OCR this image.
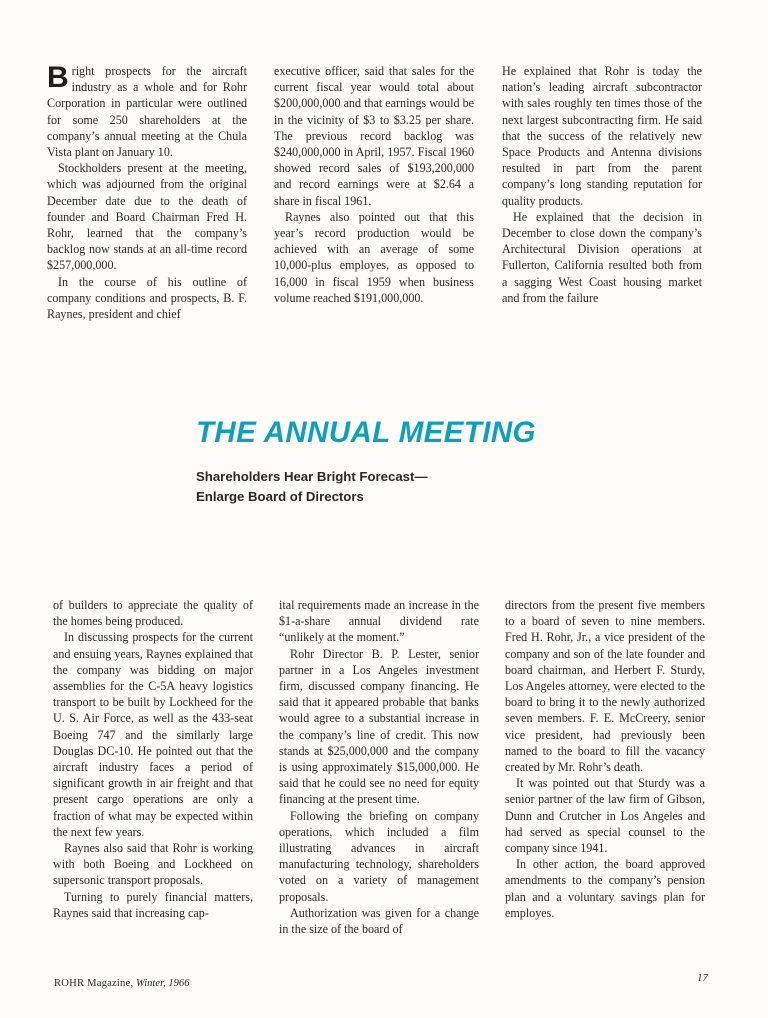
Bright prospects for the aircraft industry as a whole and for Rohr Corporation in particular were outlined for some 250 shareholders at the company’s annual meeting at the Chula Vista plant on January 10.

Stockholders present at the meeting, which was adjourned from the original December date due to the death of founder and Board Chairman Fred H. Rohr, learned that the company’s backlog now stands at an all-time record $257,000,000.

In the course of his outline of company conditions and prospects, B. F. Raynes, president and chief

executive officer, said that sales for the current fiscal year would total about $200,000,000 and that earnings would be in the vicinity of $3 to $3.25 per share. The previous record backlog was $240,000,000 in April, 1957. Fiscal 1960 showed record sales of $193,200,000 and record earnings were at $2.64 a share in fiscal 1961.

Raynes also pointed out that this year’s record production would be achieved with an average of some 10,000-plus employes, as opposed to 16,000 in fiscal 1959 when business volume reached $191,000,000.

He explained that Rohr is today the nation’s leading aircraft subcontractor with sales roughly ten times those of the next largest subcontracting firm. He said that the success of the relatively new Space Products and Antenna divisions resulted in part from the parent company’s long standing reputation for quality products.

He explained that the decision in December to close down the company’s Architectural Division operations at Fullerton, California resulted both from a sagging West Coast housing market and from the failure

THE ANNUAL MEETING

Shareholders Hear Bright Forecast—

Enlarge Board of Directors

of builders to appreciate the quality of the homes being produced.

In discussing prospects for the current and ensuing years, Raynes explained that the company was bidding on major assemblies for the C-5A heavy logistics transport to be built by Lockheed for the U. S. Air Force, as well as the 433-seat Boeing 747 and the similarly large Douglas DC-10. He pointed out that the aircraft industry faces a period of significant growth in air freight and that present cargo operations are only a fraction of what may be expected within the next few years.

Raynes also said that Rohr is working with both Boeing and Lockheed on supersonic transport proposals.

Turning to purely financial matters, Raynes said that increasing cap-

ital requirements made an increase in the $1-a-share annual dividend rate “unlikely at the moment.”

Rohr Director B. P. Lester, senior partner in a Los Angeles investment firm, discussed company financing. He said that it appeared probable that banks would agree to a substantial increase in the company’s line of credit. This now stands at $25,000,000 and the company is using approximately $15,000,000. He said that he could see no need for equity financing at the present time.

Following the briefing on company operations, which included a film illustrating advances in aircraft manufacturing technology, shareholders voted on a variety of management proposals.

Authorization was given for a change in the size of the board of

directors from the present five members to a board of seven to nine members. Fred H. Rohr, Jr., a vice president of the company and son of the late founder and board chairman, and Herbert F. Sturdy, Los Angeles attorney, were elected to the board to bring it to the newly authorized seven members. F. E. McCreery, senior vice president, had previously been named to the board to fill the vacancy created by Mr. Rohr’s death.

It was pointed out that Sturdy was a senior partner of the law firm of Gibson, Dunn and Crutcher in Los Angeles and had served as special counsel to the company since 1941.

In other action, the board approved amendments to the company’s pension plan and a voluntary savings plan for employes.

ROHR Magazine, Winter, 1966	17
